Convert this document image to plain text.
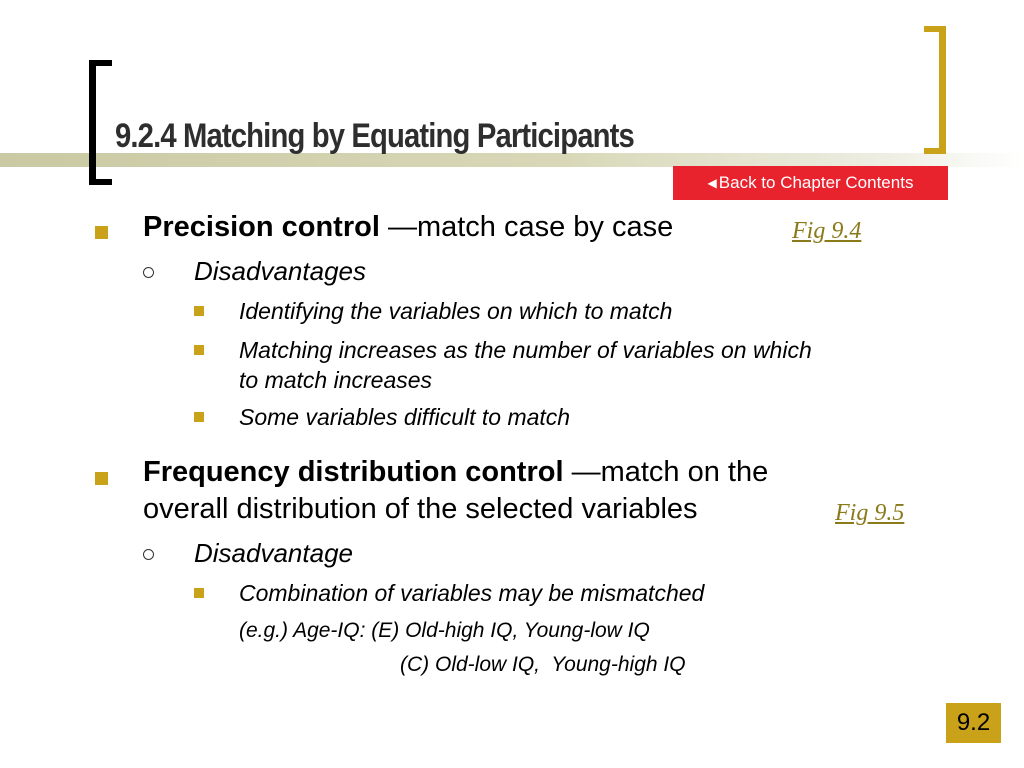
9.2.4 Matching by Equating Participants
◀ Back to Chapter Contents
Precision control —match case by case	Fig 9.4
Disadvantages
Identifying the variables on which to match
Matching increases as the number of variables on which
to match increases
Some variables difficult to match
Frequency distribution control —match on the
overall distribution of the selected variables	Fig 9.5
Disadvantage
Combination of variables may be mismatched
(e.g.) Age-IQ: (E) Old-high IQ, Young-low IQ
(C) Old-low IQ,  Young-high IQ
9.2
